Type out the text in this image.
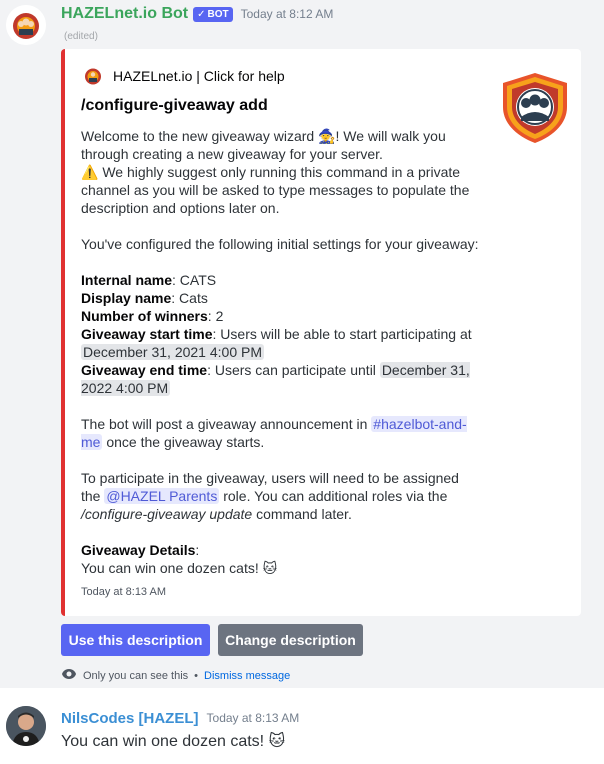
HAZELnet.io Bot ✓ BOT Today at 8:12 AM
(edited)
HAZELnet.io | Click for help
/configure-giveaway add

Welcome to the new giveaway wizard 🧙! We will walk you through creating a new giveaway for your server.
⚠️ We highly suggest only running this command in a private channel as you will be asked to type messages to populate the description and options later on.

You've configured the following initial settings for your giveaway:

Internal name: CATS

Display name: Cats

Number of winners: 2

Giveaway start time: Users will be able to start participating at December 31, 2021 4:00 PM

Giveaway end time: Users can participate until December 31, 2022 4:00 PM

The bot will post a giveaway announcement in #hazelbot-and-me once the giveaway starts.

To participate in the giveaway, users will need to be assigned the @HAZEL Parents role. You can additional roles via the /configure-giveaway update command later.

Giveaway Details:

You can win one dozen cats! 🐱

Today at 8:13 AM
Use this description	Change description
Only you can see this • Dismiss message
NilsCodes [HAZEL] Today at 8:13 AM
You can win one dozen cats! 🐱
